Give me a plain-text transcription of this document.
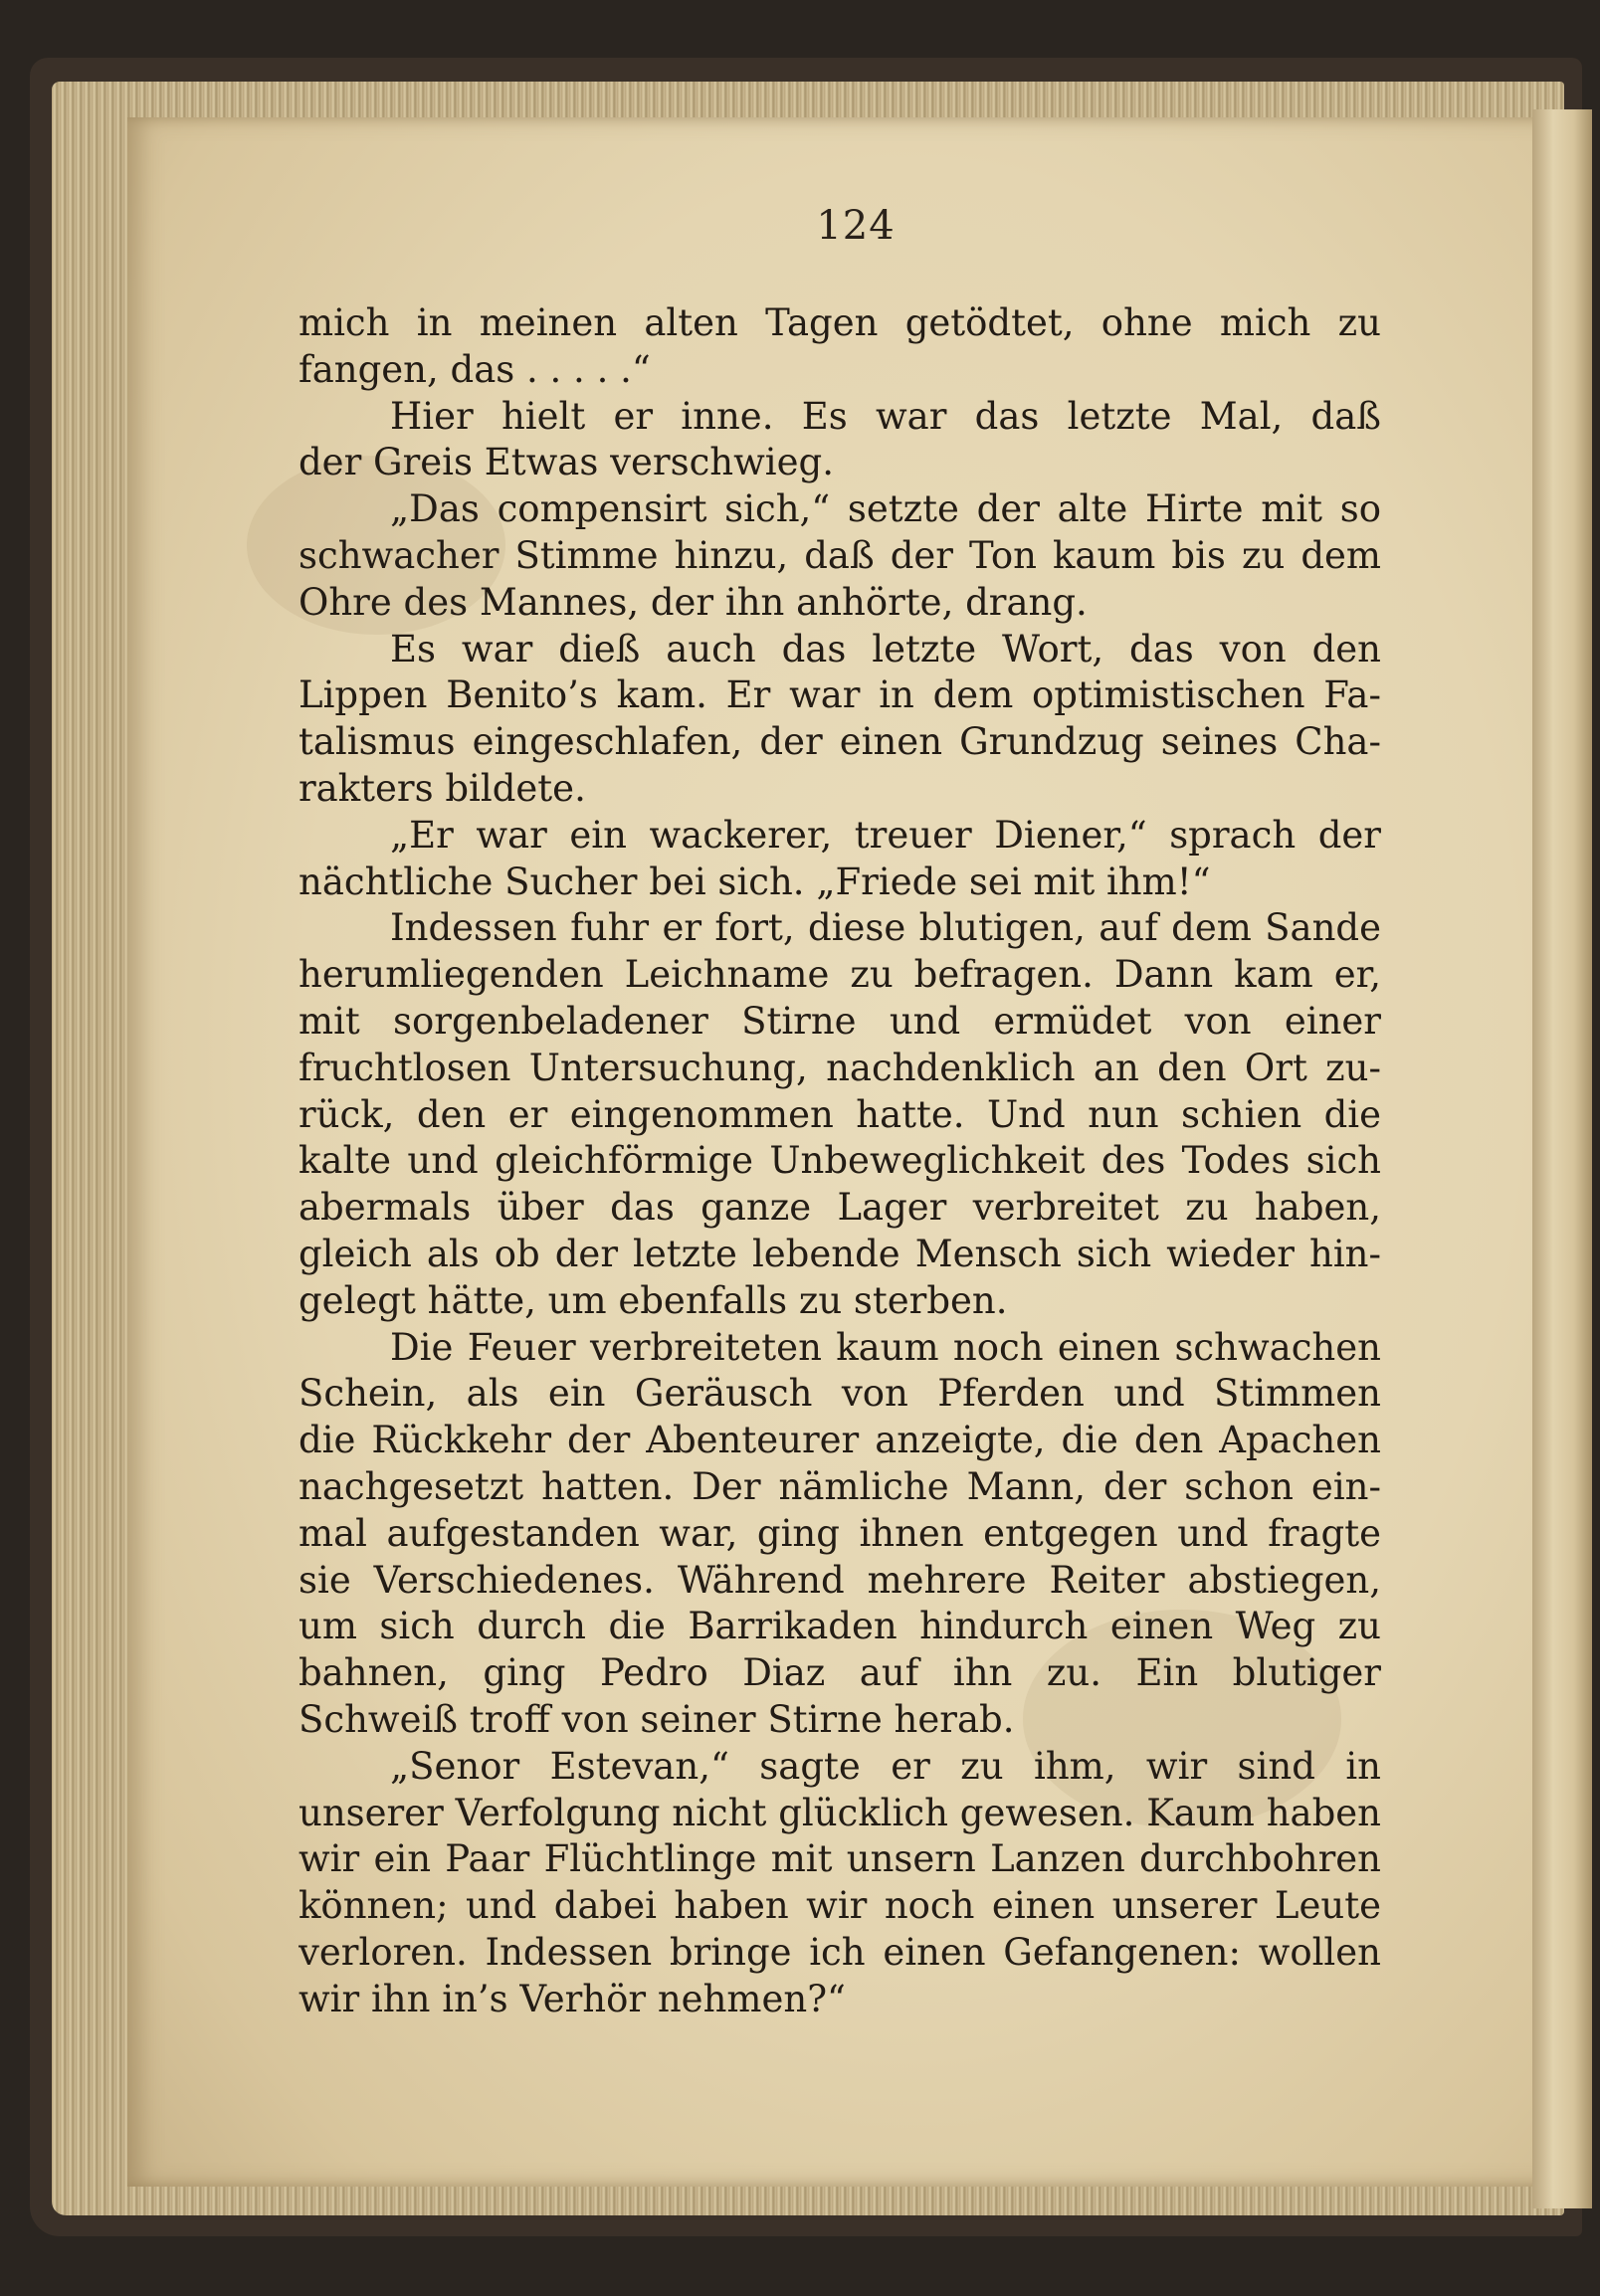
124
mich in meinen alten Tagen getödtet, ohne mich zu
fangen, das . . . . .“
Hier hielt er inne. Es war das letzte Mal, daß
der Greis Etwas verschwieg.
„Das compensirt sich,“ setzte der alte Hirte mit so
schwacher Stimme hinzu, daß der Ton kaum bis zu dem
Ohre des Mannes, der ihn anhörte, drang.
Es war dieß auch das letzte Wort, das von den
Lippen Benito’s kam. Er war in dem optimistischen Fa-
talismus eingeschlafen, der einen Grundzug seines Cha-
rakters bildete.
„Er war ein wackerer, treuer Diener,“ sprach der
nächtliche Sucher bei sich. „Friede sei mit ihm!“
Indessen fuhr er fort, diese blutigen, auf dem Sande
herumliegenden Leichname zu befragen. Dann kam er,
mit sorgenbeladener Stirne und ermüdet von einer
fruchtlosen Untersuchung, nachdenklich an den Ort zu-
rück, den er eingenommen hatte. Und nun schien die
kalte und gleichförmige Unbeweglichkeit des Todes sich
abermals über das ganze Lager verbreitet zu haben,
gleich als ob der letzte lebende Mensch sich wieder hin-
gelegt hätte, um ebenfalls zu sterben.
Die Feuer verbreiteten kaum noch einen schwachen
Schein, als ein Geräusch von Pferden und Stimmen
die Rückkehr der Abenteurer anzeigte, die den Apachen
nachgesetzt hatten. Der nämliche Mann, der schon ein-
mal aufgestanden war, ging ihnen entgegen und fragte
sie Verschiedenes. Während mehrere Reiter abstiegen,
um sich durch die Barrikaden hindurch einen Weg zu
bahnen, ging Pedro Diaz auf ihn zu. Ein blutiger
Schweiß troff von seiner Stirne herab.
„Senor Estevan,“ sagte er zu ihm, wir sind in
unserer Verfolgung nicht glücklich gewesen. Kaum haben
wir ein Paar Flüchtlinge mit unsern Lanzen durchbohren
können; und dabei haben wir noch einen unserer Leute
verloren. Indessen bringe ich einen Gefangenen: wollen
wir ihn in’s Verhör nehmen?“
